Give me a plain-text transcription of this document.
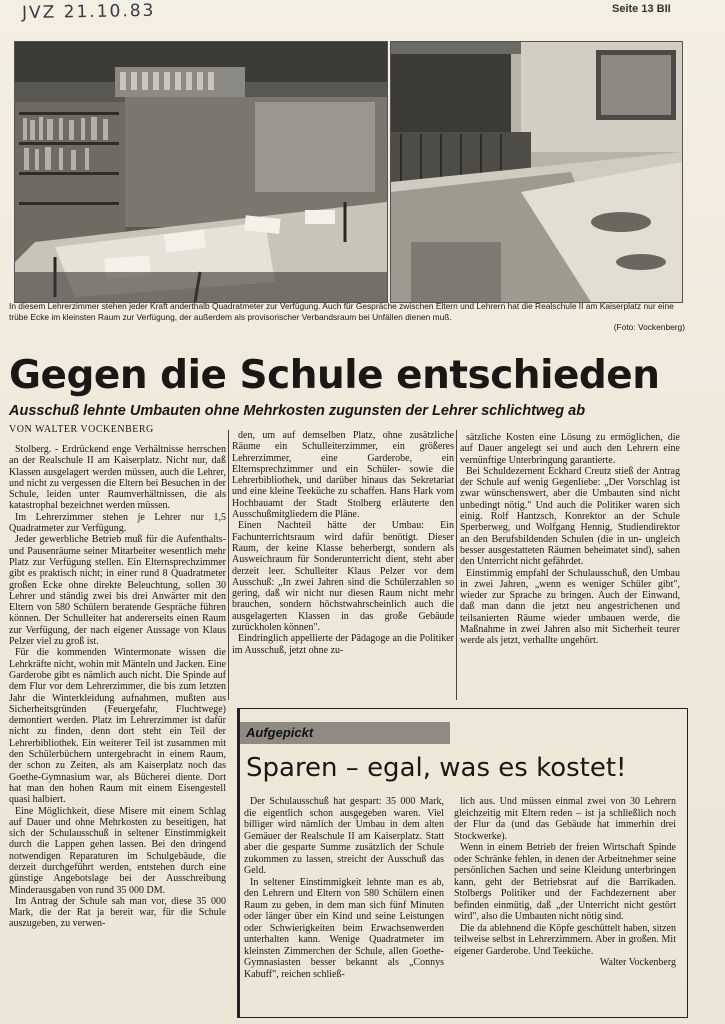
JVZ 21.10.83	Seite 13 BII
In diesem Lehrerzimmer stehen jeder Kraft anderthalb Quadratmeter zur Verfügung. Auch für Gespräche zwischen Eltern und Lehrern hat die Realschule II am Kaiserplatz nur eine trübe Ecke im kleinsten Raum zur Verfügung, der außerdem als provisorischer Verbandsraum bei Unfällen dienen muß.
(Foto: Vockenberg)
Gegen die Schule entschieden
Ausschuß lehnte Umbauten ohne Mehrkosten zugunsten der Lehrer schlichtweg ab
VON WALTER VOCKENBERG

Stolberg. - Erdrückend enge Verhältnisse herrschen an der Realschule II am Kaiserplatz. Nicht nur, daß Klassen ausgelagert werden müssen, auch die Lehrer, und nicht zu vergessen die Eltern bei Besuchen in der Schule, leiden unter Raumverhältnissen, die als katastrophal bezeichnet werden müssen.

Im Lehrerzimmer stehen je Lehrer nur 1,5 Quadratmeter zur Verfügung.

Jeder gewerbliche Betrieb muß für die Aufenthalts- und Pausenräume seiner Mitarbeiter wesentlich mehr Platz zur Verfügung stellen. Ein Elternsprechzimmer gibt es praktisch nicht; in einer rund 8 Quadratmeter großen Ecke ohne direkte Beleuchtung, sollen 30 Lehrer und ständig zwei bis drei Anwärter mit den Eltern von 580 Schülern beratende Gespräche führen können. Der Schulleiter hat andererseits einen Raum zur Verfügung, der nach eigener Aussage von Klaus Pelzer viel zu groß ist.

Für die kommenden Wintermonate wissen die Lehrkräfte nicht, wohin mit Mänteln und Jacken. Eine Garderobe gibt es nämlich auch nicht. Die Spinde auf dem Flur vor dem Lehrerzimmer, die bis zum letzten Jahr die Winterkleidung aufnahmen, mußten aus Sicherheitsgründen (Feuergefahr, Fluchtwege) demontiert werden. Platz im Lehrerzimmer ist dafür nicht zu finden, denn dort steht ein Teil der Lehrerbibliothek. Ein weiterer Teil ist zusammen mit den Schülerbüchern untergebracht in einem Raum, der schon zu Zeiten, als am Kaiserplatz noch das Goethe-Gymnasium war, als Bücherei diente. Dort hat man den hohen Raum mit einem Eisengestell quasi halbiert.

Eine Möglichkeit, diese Misere mit einem Schlag auf Dauer und ohne Mehrkosten zu beseitigen, hat sich der Schulausschuß in seltener Einstimmigkeit durch die Lappen gehen lassen. Bei den dringend notwendigen Reparaturen im Schulgebäude, die derzeit durchgeführt werden, entstehen durch eine günstige Angebotslage bei der Ausschreibung Minderausgaben von rund 35 000 DM.

Im Antrag der Schule sah man vor, diese 35 000 Mark, die der Rat ja bereit war, für die Schule auszugeben, zu verwen-

den, um auf demselben Platz, ohne zusätzliche Räume ein Schulleiterzimmer, ein größeres Lehrerzimmer, eine Garderobe, ein Elternsprechzimmer und ein Schüler- sowie die Lehrerbibliothek, und darüber hinaus das Sekretariat und eine kleine Teeküche zu schaffen. Hans Hark vom Hochbauamt der Stadt Stolberg erläuterte den Ausschußmitgliedern die Pläne.

Einen Nachteil hätte der Umbau: Ein Fachunterrichtsraum wird dafür benötigt. Dieser Raum, der keine Klasse beherbergt, sondern als Ausweichraum für Sonderunterricht dient, steht aber derzeit leer. Schulleiter Klaus Pelzer vor dem Ausschuß: „In zwei Jahren sind die Schülerzahlen so gering, daß wir nicht nur diesen Raum nicht mehr brauchen, sondern höchstwahrscheinlich auch die ausgelagerten Klassen in das große Gebäude zurückholen können".

Eindringlich appellierte der Pädagoge an die Politiker im Ausschuß, jetzt ohne zu-

sätzliche Kosten eine Lösung zu ermöglichen, die auf Dauer angelegt sei und auch den Lehrern eine vernünftige Unterbringung garantierte.

Bei Schuldezernent Eckhard Creutz stieß der Antrag der Schule auf wenig Gegenliebe: „Der Vorschlag ist zwar wünschenswert, aber die Umbauten sind nicht unbedingt nötig." Und auch die Politiker waren sich einig. Rolf Hantzsch, Konrektor an der Schule Sperberweg, und Wolfgang Hennig, Studiendirektor an den Berufsbildenden Schulen (die in un- ungleich besser ausgestatteten Räumen beheimatet sind), sahen den Unterricht nicht gefährdet.

Einstimmig empfahl der Schulausschuß, den Umbau in zwei Jahren, „wenn es weniger Schüler gibt", wieder zur Sprache zu bringen. Auch der Einwand, daß man dann die jetzt neu angestrichenen und teilsanierten Räume wieder umbauen werde, die Maßnahme in zwei Jahren also mit Sicherheit teurer werde als jetzt, verhallte ungehört.

Aufgepickt
Sparen – egal, was es kostet!

Der Schulausschuß hat gespart: 35 000 Mark, die eigentlich schon ausgegeben waren. Viel billiger wird nämlich der Umbau in dem alten Gemäuer der Realschule II am Kaiserplatz. Statt aber die gesparte Summe zusätzlich der Schule zukommen zu lassen, streicht der Ausschuß das Geld.

In seltener Einstimmigkeit lehnte man es ab, den Lehrern und Eltern von 580 Schülern einen Raum zu geben, in dem man sich fünf Minuten oder länger über ein Kind und seine Leistungen oder Schwierigkeiten beim Erwachsenwerden unterhalten kann. Wenige Quadratmeter im kleinsten Zimmerchen der Schule, allen Goethe-Gymnasiasten besser bekannt als „Connys Kabuff", reichen schließ-

lich aus. Und müssen einmal zwei von 30 Lehrern gleichzeitig mit Eltern reden – ist ja schließlich noch der Flur da (und das Gebäude hat immerhin drei Stockwerke).

Wenn in einem Betrieb der freien Wirtschaft Spinde oder Schränke fehlen, in denen der Arbeitnehmer seine persönlichen Sachen und seine Kleidung unterbringen kann, geht der Betriebsrat auf die Barrikaden. Stolbergs Politiker und der Fachdezernent aber befinden einmütig, daß „der Unterricht nicht gestört wird", also die Umbauten nicht nötig sind.

Die da ablehnend die Köpfe geschüttelt haben, sitzen teilweise selbst in Lehrerzimmern. Aber in großen. Mit eigener Garderobe. Und Teeküche.

Walter Vockenberg
